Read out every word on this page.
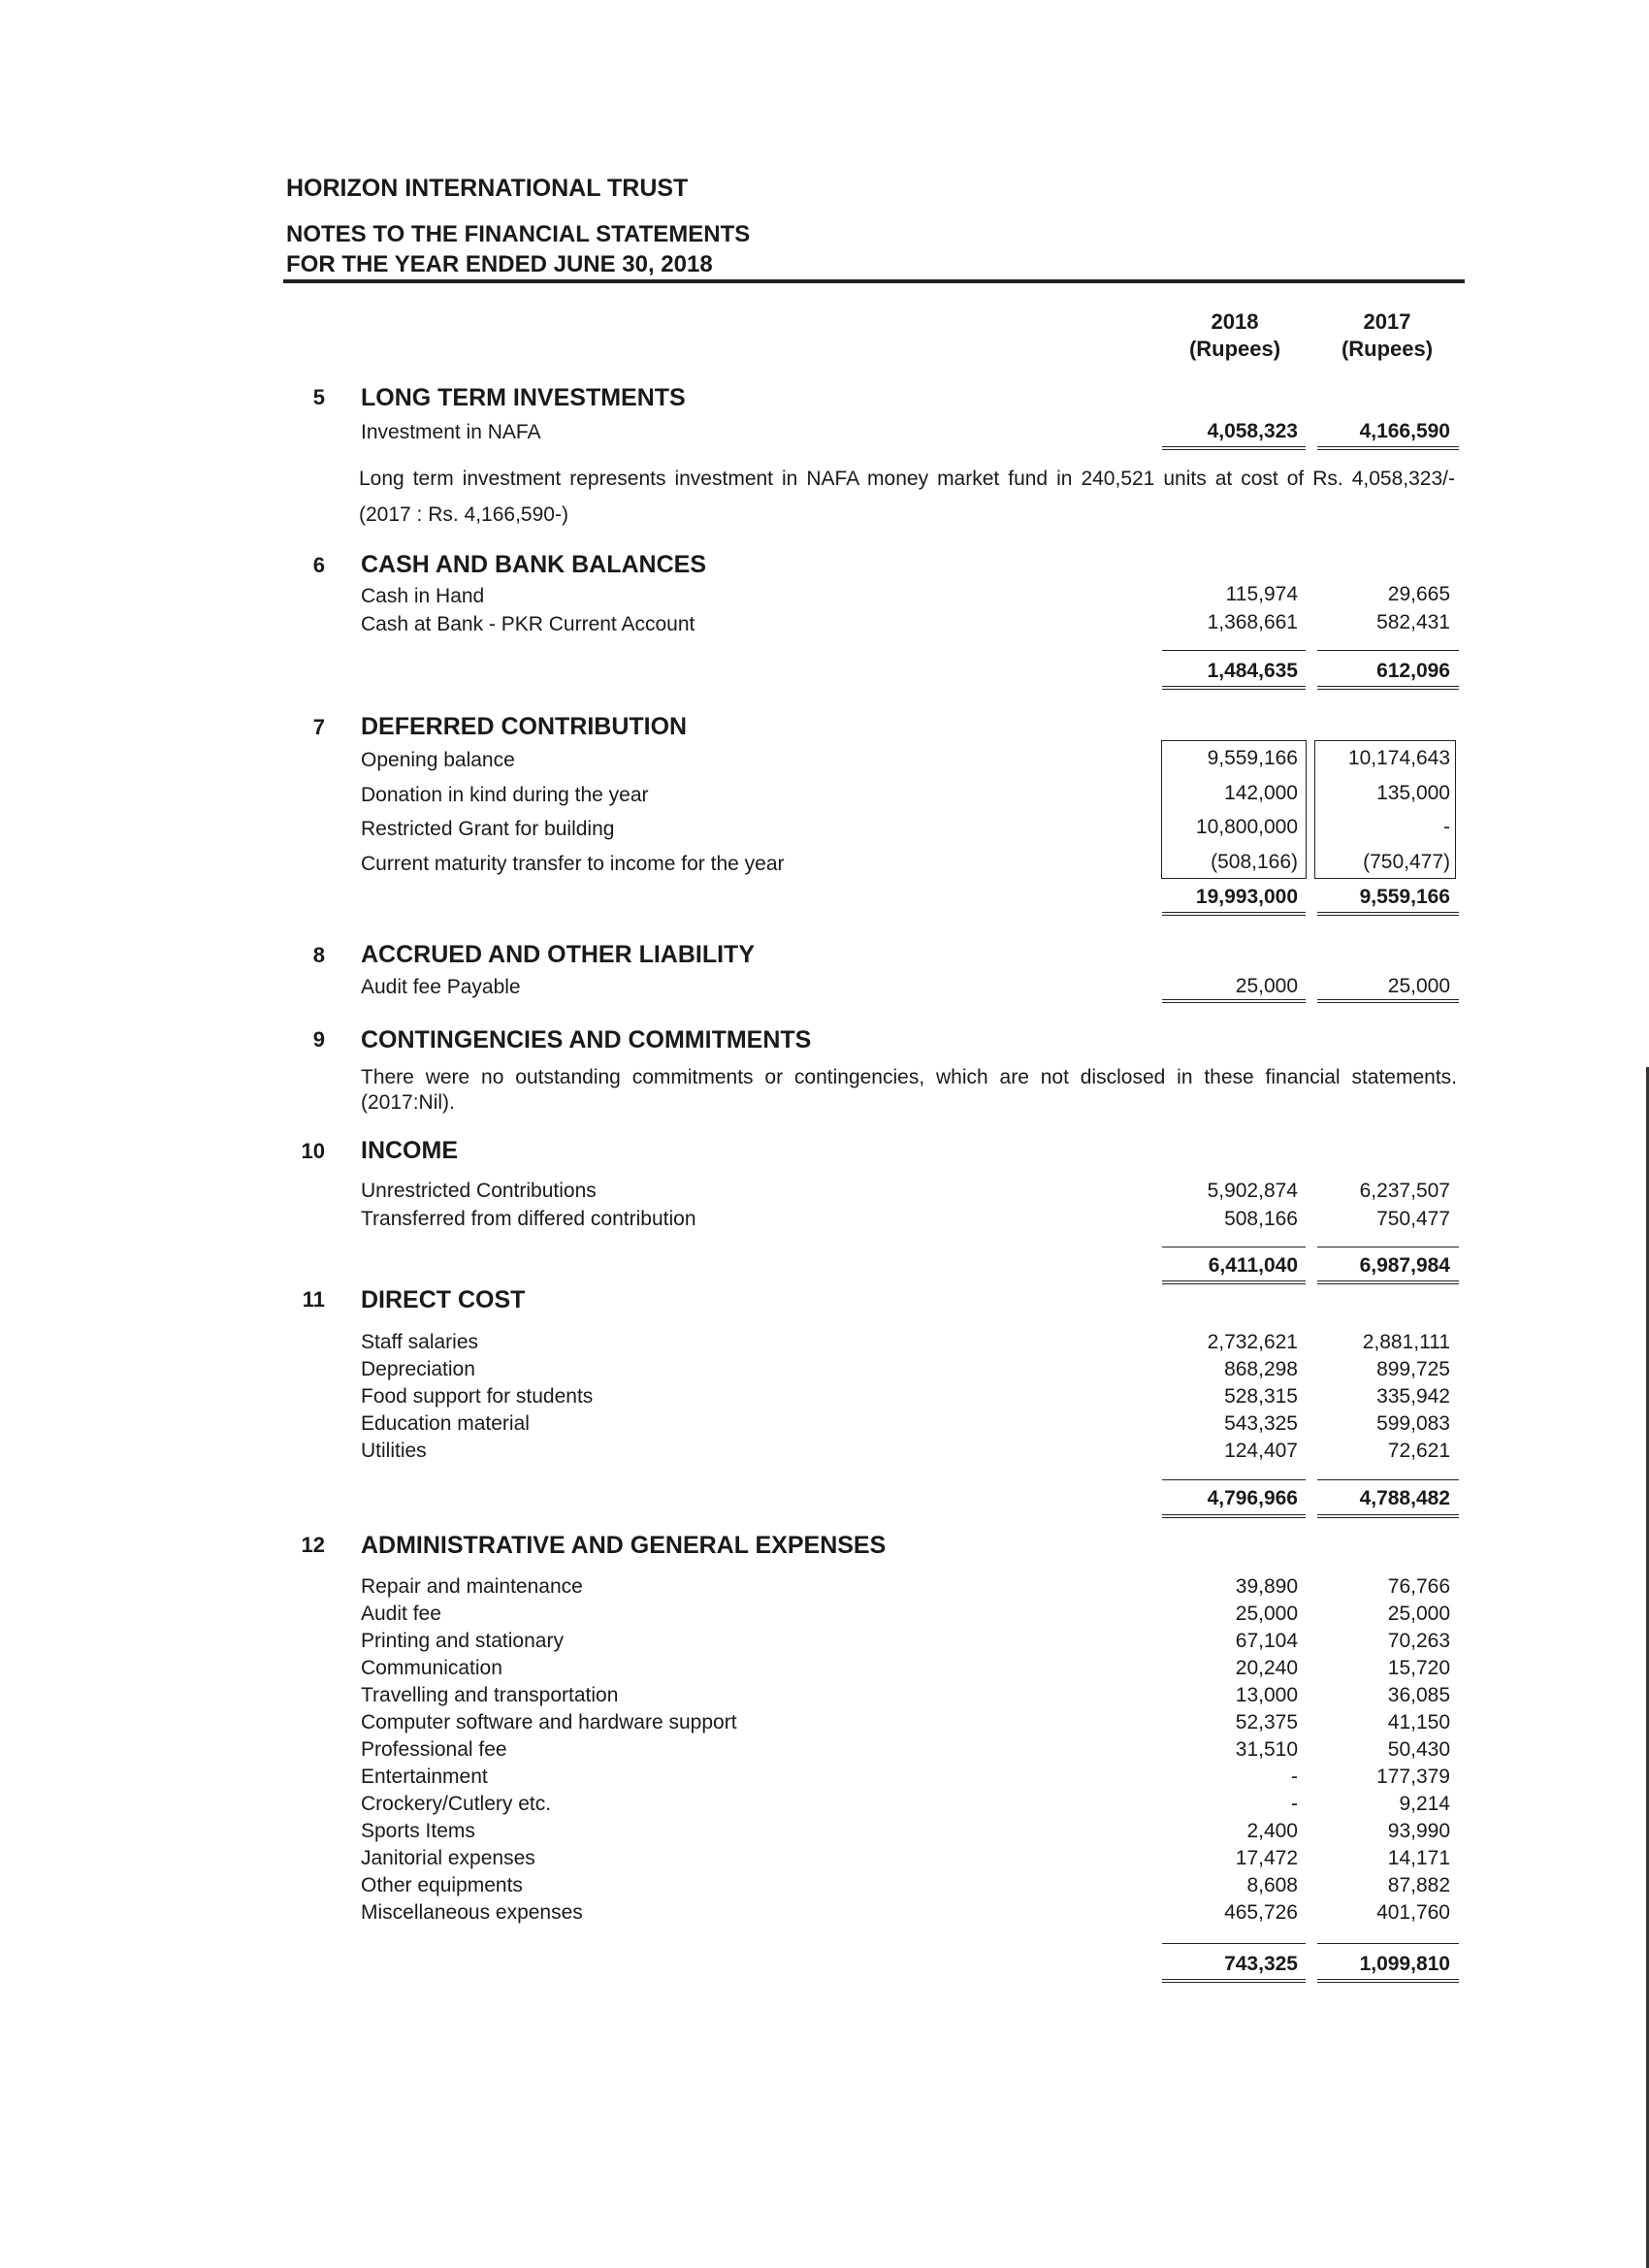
HORIZON INTERNATIONAL TRUST
NOTES TO THE FINANCIAL STATEMENTS
FOR THE YEAR ENDED JUNE 30, 2018
2018
(Rupees)
2017
(Rupees)
5 LONG TERM INVESTMENTS
Investment in NAFA	4,058,323	4,166,590
Long term investment represents investment in NAFA money market fund in 240,521 units at cost of Rs. 4,058,323/- (2017 : Rs. 4,166,590-)
6 CASH AND BANK BALANCES
Cash in Hand	115,974	29,665
Cash at Bank - PKR Current Account	1,368,661	582,431
1,484,635	612,096
7 DEFERRED CONTRIBUTION
Opening balance	9,559,166	10,174,643
Donation in kind during the year	142,000	135,000
Restricted Grant for building	10,800,000	-
Current maturity transfer to income for the year	(508,166)	(750,477)
19,993,000	9,559,166
8 ACCRUED AND OTHER LIABILITY
Audit fee Payable	25,000	25,000
9 CONTINGENCIES AND COMMITMENTS
There were no outstanding commitments or contingencies, which are not disclosed in these financial statements.(2017:Nil).
10 INCOME
Unrestricted Contributions	5,902,874	6,237,507
Transferred from differed contribution	508,166	750,477
6,411,040	6,987,984
11 DIRECT COST
Staff salaries	2,732,621	2,881,111
Depreciation	868,298	899,725
Food support for students	528,315	335,942
Education material	543,325	599,083
Utilities	124,407	72,621
4,796,966	4,788,482
12 ADMINISTRATIVE AND GENERAL EXPENSES
Repair and maintenance	39,890	76,766
Audit fee	25,000	25,000
Printing and stationary	67,104	70,263
Communication	20,240	15,720
Travelling and transportation	13,000	36,085
Computer software and hardware support	52,375	41,150
Professional fee	31,510	50,430
Entertainment	-	177,379
Crockery/Cutlery etc.	-	9,214
Sports Items	2,400	93,990
Janitorial expenses	17,472	14,171
Other equipments	8,608	87,882
Miscellaneous expenses	465,726	401,760
743,325	1,099,810
